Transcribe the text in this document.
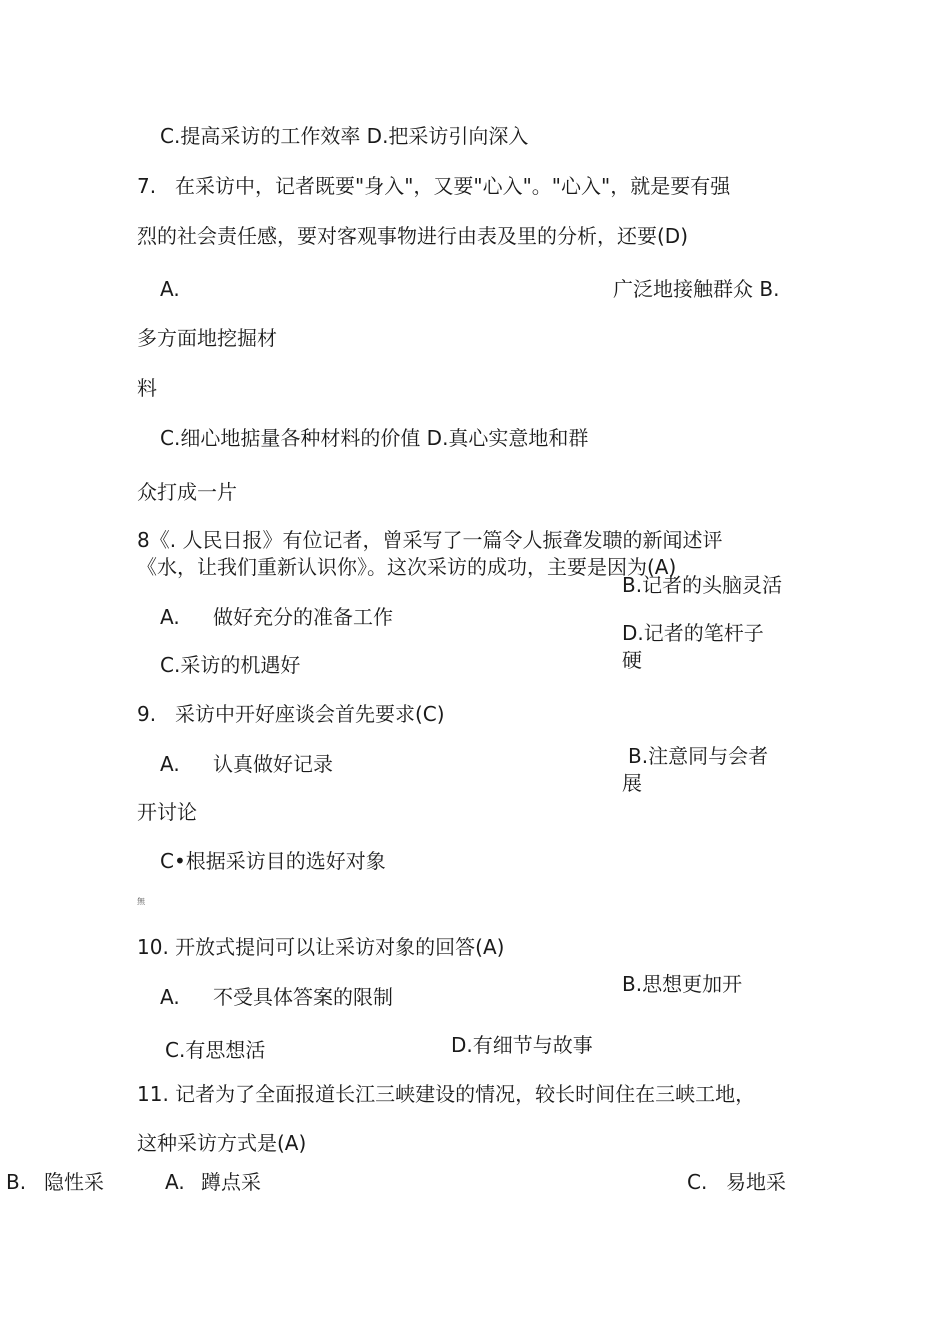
C.提高采访的工作效率 D.把采访引向深入
7. 在采访中，记者既要"身入"，又要"心入"。"心入"，就是要有强
烈的社会责任感，要对客观事物进行由表及里的分析，还要(D)
A.	广泛地接触群众 B.
多方面地挖掘材
料
C.细心地掂量各种材料的价值 D.真心实意地和群
众打成一片
8《. 人民日报》有位记者，曾采写了一篇令人振聋发聩的新闻述评
《水，让我们重新认识你》。这次采访的成功，主要是因为(A)
B.记者的头脑灵活
A. 做好充分的准备工作
D.记者的笔杆子
硬
C.采访的机遇好
9. 采访中开好座谈会首先要求(C)
B.注意同与会者
A. 认真做好记录
展
开讨论
C•根据采访目的选好对象
無
10. 开放式提问可以让采访对象的回答(A)
B.思想更加开
A. 不受具体答案的限制
C.有思想活	D.有细节与故事
11. 记者为了全面报道长江三峡建设的情况，较长时间住在三峡工地，
这种采访方式是(A)
B. 隐性采	A. 蹲点采	C. 易地采
